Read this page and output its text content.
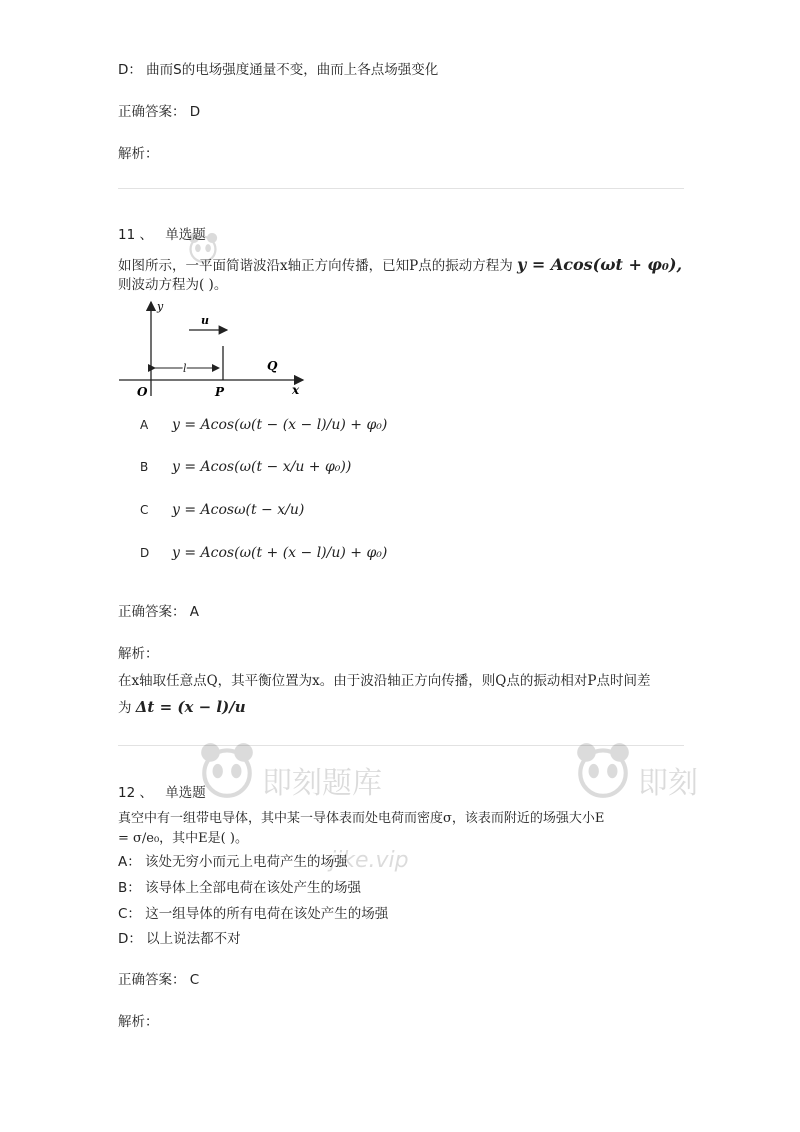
D： 曲而S的电场强度通量不变，曲而上各点场强变化
正确答案： D
解析：
11 、 单选题
如图所示，一平面简谐波沿x轴正方向传播，已知P点的振动方程为 y = Acos(ωt + φ₀),
则波动方程为( )。
y
x
O	P
Q
u
l
A y = Acos(ω(t − (x − l)/u) + φ₀)
B y = Acos(ω(t − x/u + φ₀))
C y = Acosω(t − x/u)
D y = Acos(ω(t + (x − l)/u) + φ₀)
正确答案： A
解析：
在x轴取任意点Q，其平衡位置为x。由于波沿轴正方向传播，则Q点的振动相对P点时间差
为 Δt = (x − l)/u
12 、 单选题
真空中有一组带电导体，其中某一导体表而处电荷而密度σ，该表而附近的场强大小E
= σ/e₀，其中E是( )。
A： 该处无穷小而元上电荷产生的场强
B： 该导体上全部电荷在该处产生的场强
C： 这一组导体的所有电荷在该处产生的场强
D： 以上说法都不对
正确答案： C
解析：
即刻题库
jike.vip
即刻
